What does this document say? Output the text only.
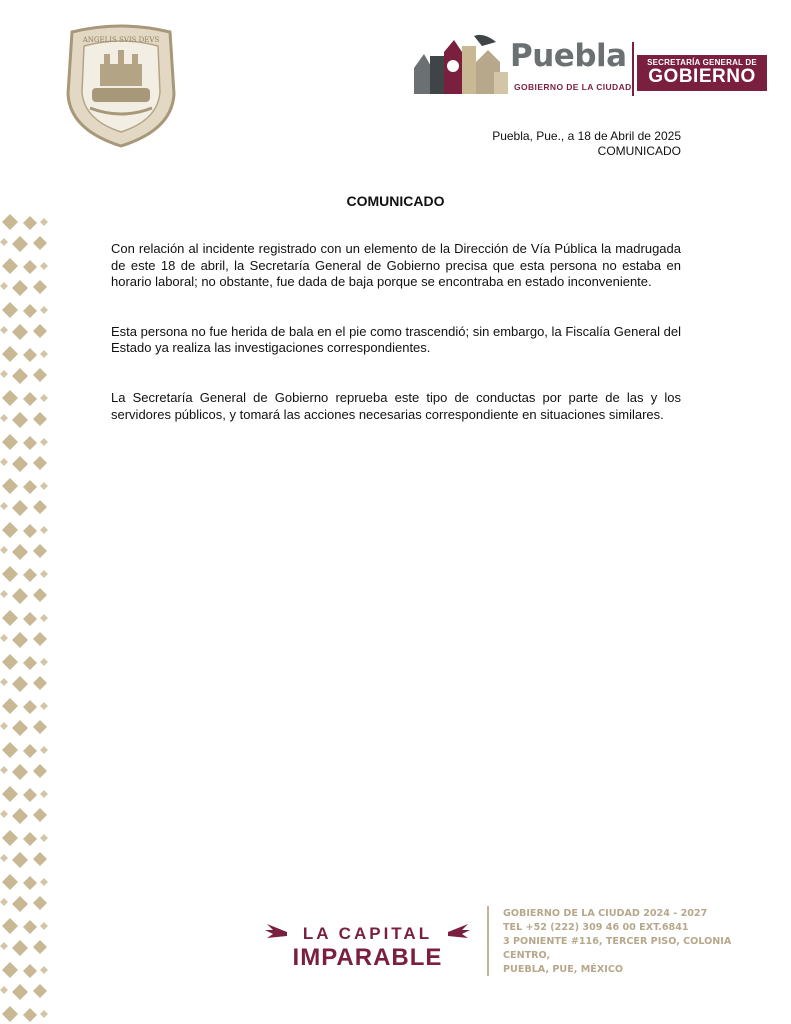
ANGELIS SVIS DEVS	Puebla
GOBIERNO DE LA CIUDAD
SECRETARÍA GENERAL DE
GOBIERNO
Puebla, Pue., a 18 de Abril de 2025
COMUNICADO
COMUNICADO

Con relación al incidente registrado con un elemento de la Dirección de Vía Pública la madrugada de este 18 de abril, la Secretaría General de Gobierno precisa que esta persona no estaba en horario laboral; no obstante, fue dada de baja porque se encontraba en estado inconveniente.

Esta persona no fue herida de bala en el pie como trascendió; sin embargo, la Fiscalía General del Estado ya realiza las investigaciones correspondientes.

La Secretaría General de Gobierno reprueba este tipo de conductas por parte de las y los servidores públicos, y tomará las acciones necesarias correspondiente en situaciones similares.

LA CAPITAL
IMPARABLE
GOBIERNO DE LA CIUDAD 2024 - 2027
TEL +52 (222) 309 46 00 EXT.6841
3 PONIENTE #116, TERCER PISO, COLONIA
CENTRO,
PUEBLA, PUE, MÉXICO
